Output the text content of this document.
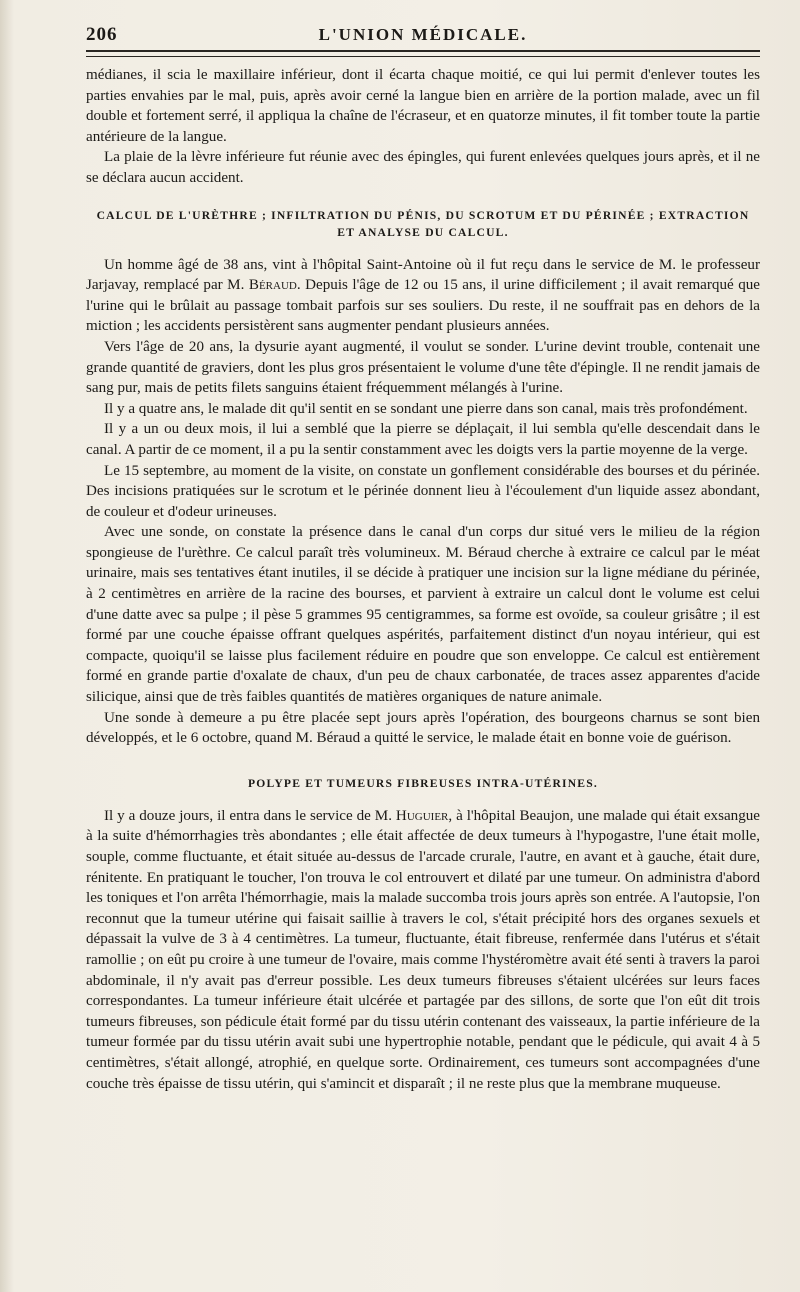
206	L'UNION MÉDICALE.

médianes, il scia le maxillaire inférieur, dont il écarta chaque moitié, ce qui lui permit d'enlever toutes les parties envahies par le mal, puis, après avoir cerné la langue bien en arrière de la portion malade, avec un fil double et fortement serré, il appliqua la chaîne de l'écraseur, et en quatorze minutes, il fit tomber toute la partie antérieure de la langue.

La plaie de la lèvre inférieure fut réunie avec des épingles, qui furent enlevées quelques jours après, et il ne se déclara aucun accident.

CALCUL DE L'URÈTHRE ; INFILTRATION DU PÉNIS, DU SCROTUM ET DU PÉRINÉE ; EXTRACTION ET ANALYSE DU CALCUL.

Un homme âgé de 38 ans, vint à l'hôpital Saint-Antoine où il fut reçu dans le service de M. le professeur Jarjavay, remplacé par M. Béraud. Depuis l'âge de 12 ou 15 ans, il urine difficilement ; il avait remarqué que l'urine qui le brûlait au passage tombait parfois sur ses souliers. Du reste, il ne souffrait pas en dehors de la miction ; les accidents persistèrent sans augmenter pendant plusieurs années.

Vers l'âge de 20 ans, la dysurie ayant augmenté, il voulut se sonder. L'urine devint trouble, contenait une grande quantité de graviers, dont les plus gros présentaient le volume d'une tête d'épingle. Il ne rendit jamais de sang pur, mais de petits filets sanguins étaient fréquemment mélangés à l'urine.

Il y a quatre ans, le malade dit qu'il sentit en se sondant une pierre dans son canal, mais très profondément.

Il y a un ou deux mois, il lui a semblé que la pierre se déplaçait, il lui sembla qu'elle descendait dans le canal. A partir de ce moment, il a pu la sentir constamment avec les doigts vers la partie moyenne de la verge.

Le 15 septembre, au moment de la visite, on constate un gonflement considérable des bourses et du périnée. Des incisions pratiquées sur le scrotum et le périnée donnent lieu à l'écoulement d'un liquide assez abondant, de couleur et d'odeur urineuses.

Avec une sonde, on constate la présence dans le canal d'un corps dur situé vers le milieu de la région spongieuse de l'urèthre. Ce calcul paraît très volumineux. M. Béraud cherche à extraire ce calcul par le méat urinaire, mais ses tentatives étant inutiles, il se décide à pratiquer une incision sur la ligne médiane du périnée, à 2 centimètres en arrière de la racine des bourses, et parvient à extraire un calcul dont le volume est celui d'une datte avec sa pulpe ; il pèse 5 grammes 95 centigrammes, sa forme est ovoïde, sa couleur grisâtre ; il est formé par une couche épaisse offrant quelques aspérités, parfaitement distinct d'un noyau intérieur, qui est compacte, quoiqu'il se laisse plus facilement réduire en poudre que son enveloppe. Ce calcul est entièrement formé en grande partie d'oxalate de chaux, d'un peu de chaux carbonatée, de traces assez apparentes d'acide silicique, ainsi que de très faibles quantités de matières organiques de nature animale.

Une sonde à demeure a pu être placée sept jours après l'opération, des bourgeons charnus se sont bien développés, et le 6 octobre, quand M. Béraud a quitté le service, le malade était en bonne voie de guérison.

POLYPE ET TUMEURS FIBREUSES INTRA-UTÉRINES.

Il y a douze jours, il entra dans le service de M. Huguier, à l'hôpital Beaujon, une malade qui était exsangue à la suite d'hémorrhagies très abondantes ; elle était affectée de deux tumeurs à l'hypogastre, l'une était molle, souple, comme fluctuante, et était située au-dessus de l'arcade crurale, l'autre, en avant et à gauche, était dure, rénitente. En pratiquant le toucher, l'on trouva le col entrouvert et dilaté par une tumeur. On administra d'abord les toniques et l'on arrêta l'hémorrhagie, mais la malade succomba trois jours après son entrée. A l'autopsie, l'on reconnut que la tumeur utérine qui faisait saillie à travers le col, s'était précipité hors des organes sexuels et dépassait la vulve de 3 à 4 centimètres. La tumeur, fluctuante, était fibreuse, renfermée dans l'utérus et s'était ramollie ; on eût pu croire à une tumeur de l'ovaire, mais comme l'hystéromètre avait été senti à travers la paroi abdominale, il n'y avait pas d'erreur possible. Les deux tumeurs fibreuses s'étaient ulcérées sur leurs faces correspondantes. La tumeur inférieure était ulcérée et partagée par des sillons, de sorte que l'on eût dit trois tumeurs fibreuses, son pédicule était formé par du tissu utérin contenant des vaisseaux, la partie inférieure de la tumeur formée par du tissu utérin avait subi une hypertrophie notable, pendant que le pédicule, qui avait 4 à 5 centimètres, s'était allongé, atrophié, en quelque sorte. Ordinairement, ces tumeurs sont accompagnées d'une couche très épaisse de tissu utérin, qui s'amincit et disparaît ; il ne reste plus que la membrane muqueuse.
